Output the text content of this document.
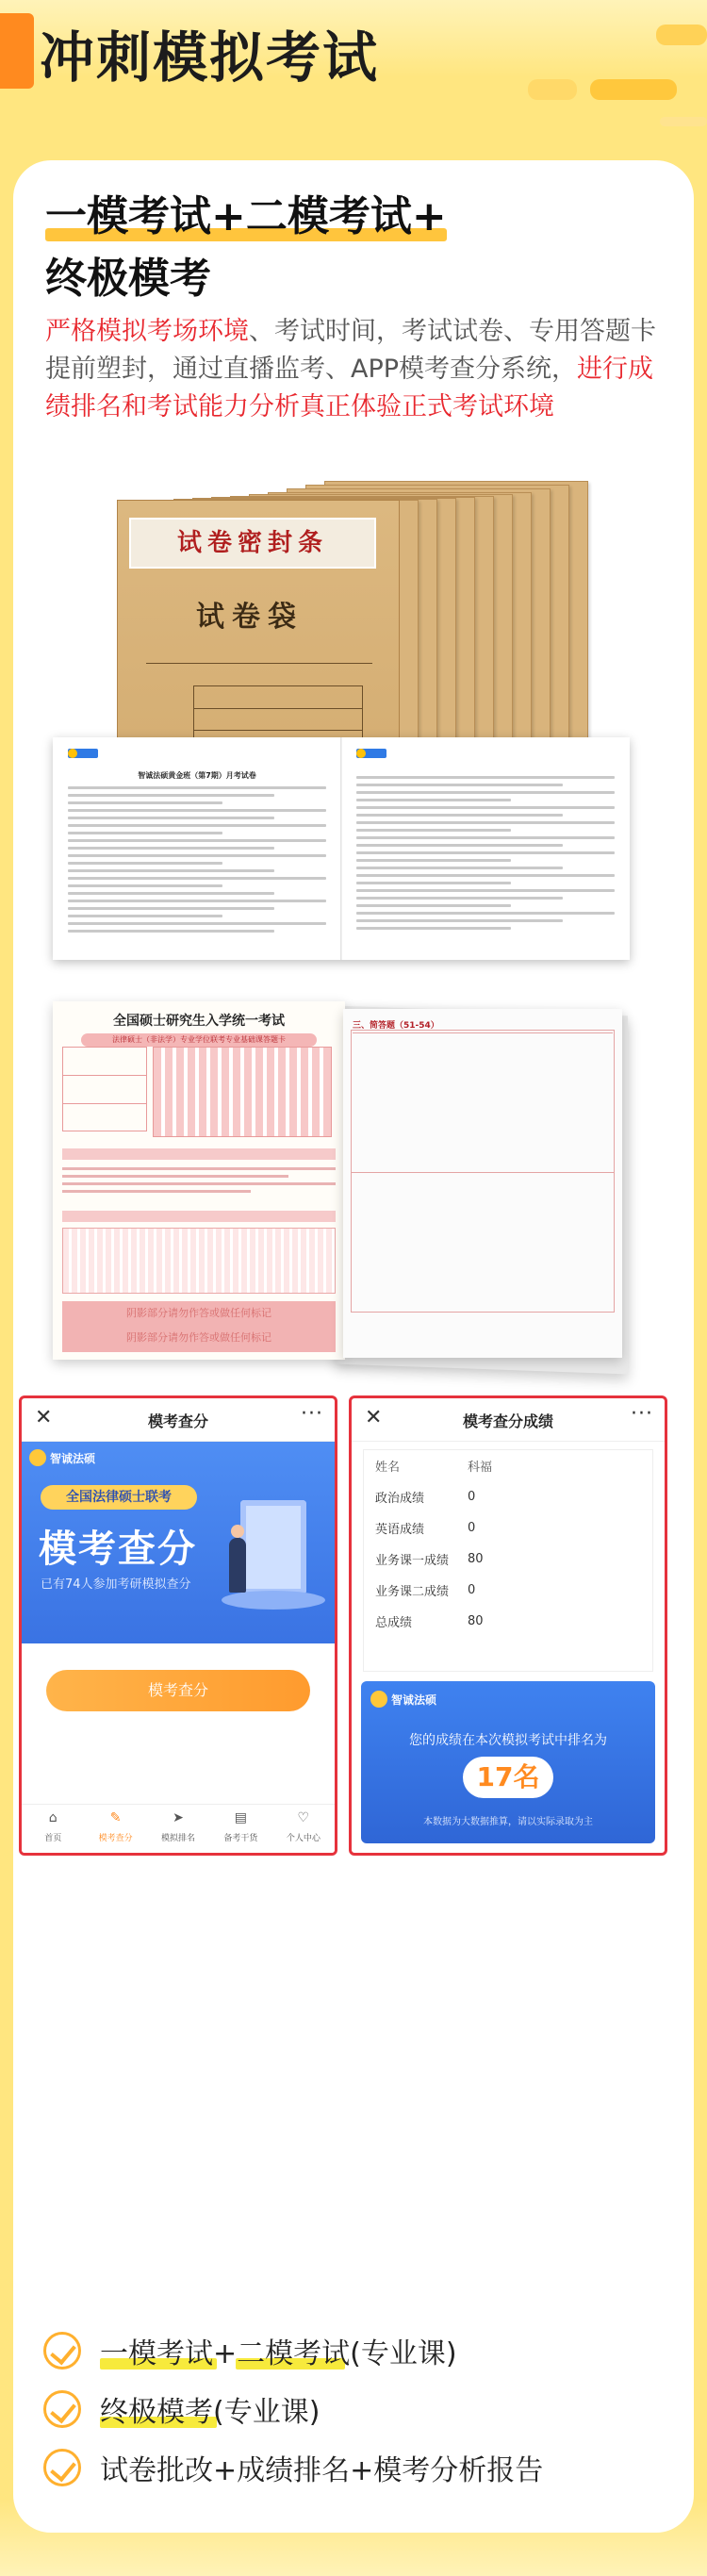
冲刺模拟考试
一模考试+二模考试+
终极模考
严格模拟考场环境、考试时间，考试试卷、专用答题卡提前塑封，通过直播监考、APP模考查分系统，进行成绩排名和考试能力分析真正体验正式考试环境
试卷密封条
试卷袋
智诚法硕黄金班（第7期）月考试卷
全国硕士研究生入学统一考试
法律硕士（非法学）专业学位联考专业基础课答题卡
阴影部分请勿作答或做任何标记
阴影部分请勿作答或做任何标记
三、简答题（51-54）
✕	模考查分	···
智诚法硕
全国法律硕士联考
模考查分
已有74人参加考研模拟查分
模考查分
⌂
首页
✎
模考查分
➤
模拟排名
▤
备考干货
♡
个人中心
✕	模考查分成绩	···
姓名	科福
政治成绩	0
英语成绩	0
业务课一成绩	80
业务课二成绩	0
总成绩	80
智诚法硕
您的成绩在本次模拟考试中排名为
17名
本数据为大数据推算，请以实际录取为主
一模考试+二模考试(专业课)
终极模考(专业课)
试卷批改+成绩排名+模考分析报告
